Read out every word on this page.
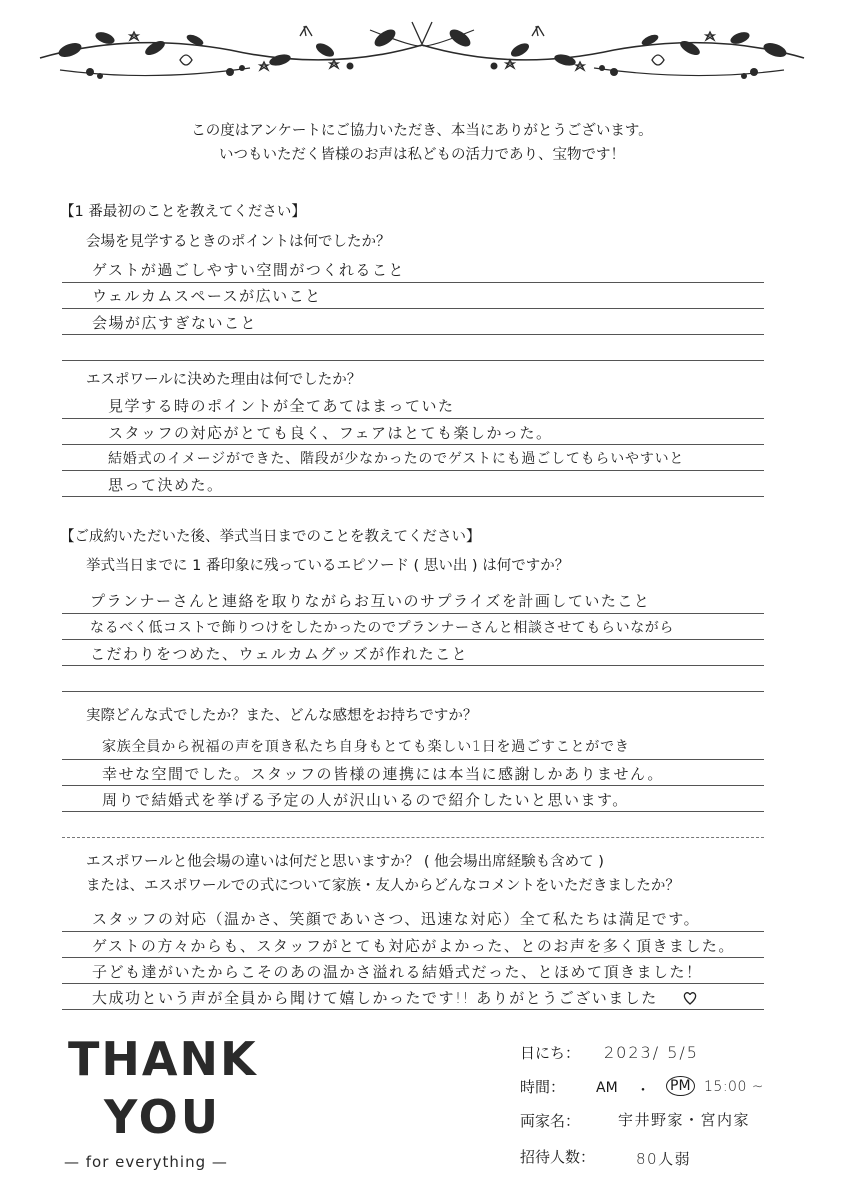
この度はアンケートにご協力いただき、本当にありがとうございます。
いつもいただく皆様のお声は私どもの活力であり、宝物です！
【1 番最初のことを教えてください】
会場を見学するときのポイントは何でしたか？
ゲストが過ごしやすい空間がつくれること
ウェルカムスペースが広いこと
会場が広すぎないこと
エスポワールに決めた理由は何でしたか？
見学する時のポイントが全てあてはまっていた
スタッフの対応がとても良く、フェアはとても楽しかった。
結婚式のイメージができた、階段が少なかったのでゲストにも過ごしてもらいやすいと
思って決めた。
【ご成約いただいた後、挙式当日までのことを教えてください】
挙式当日までに 1 番印象に残っているエピソード ( 思い出 ) は何ですか？
プランナーさんと連絡を取りながらお互いのサプライズを計画していたこと
なるべく低コストで飾りつけをしたかったのでプランナーさんと相談させてもらいながら
こだわりをつめた、ウェルカムグッズが作れたこと
実際どんな式でしたか？また、どんな感想をお持ちですか？
家族全員から祝福の声を頂き私たち自身もとても楽しい1日を過ごすことができ
幸せな空間でした。スタッフの皆様の連携には本当に感謝しかありません。
周りで結婚式を挙げる予定の人が沢山いるので紹介したいと思います。
エスポワールと他会場の違いは何だと思いますか？ ( 他会場出席経験も含めて )
または、エスポワールでの式について家族・友人からどんなコメントをいただきましたか？
スタッフの対応（温かさ、笑顔であいさつ、迅速な対応）全て私たちは満足です。
ゲストの方々からも、スタッフがとても対応がよかった、とのお声を多く頂きました。
子ども達がいたからこそのあの温かさ溢れる結婚式だった、とほめて頂きました！
大成功という声が全員から聞けて嬉しかったです!! ありがとうございました
THANK
YOU
— for everything —
日にち： 2023/ 5/5
時間： AM ・ PM 15:00 ~
両家名：	宇井野家・宮内家
招待人数：	80人弱
